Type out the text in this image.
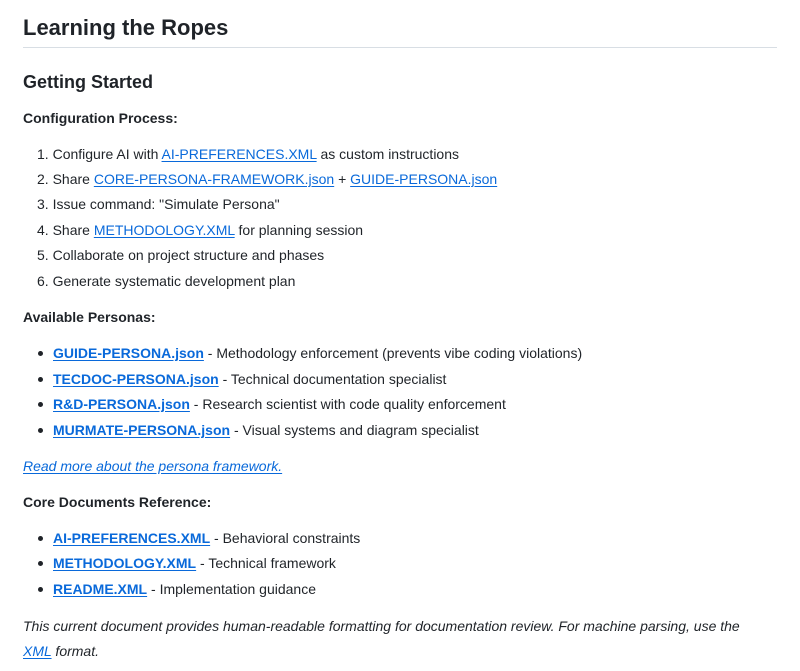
Learning the Ropes
Getting Started
Configuration Process:
1. Configure AI with AI-PREFERENCES.XML as custom instructions
2. Share CORE-PERSONA-FRAMEWORK.json + GUIDE-PERSONA.json
3. Issue command: "Simulate Persona"
4. Share METHODOLOGY.XML for planning session
5. Collaborate on project structure and phases
6. Generate systematic development plan
Available Personas:
GUIDE-PERSONA.json - Methodology enforcement (prevents vibe coding violations)
TECDOC-PERSONA.json - Technical documentation specialist
R&D-PERSONA.json - Research scientist with code quality enforcement
MURMATE-PERSONA.json - Visual systems and diagram specialist
Read more about the persona framework.
Core Documents Reference:
AI-PREFERENCES.XML - Behavioral constraints
METHODOLOGY.XML - Technical framework
README.XML - Implementation guidance
This current document provides human-readable formatting for documentation review. For machine parsing, use the XML format.
